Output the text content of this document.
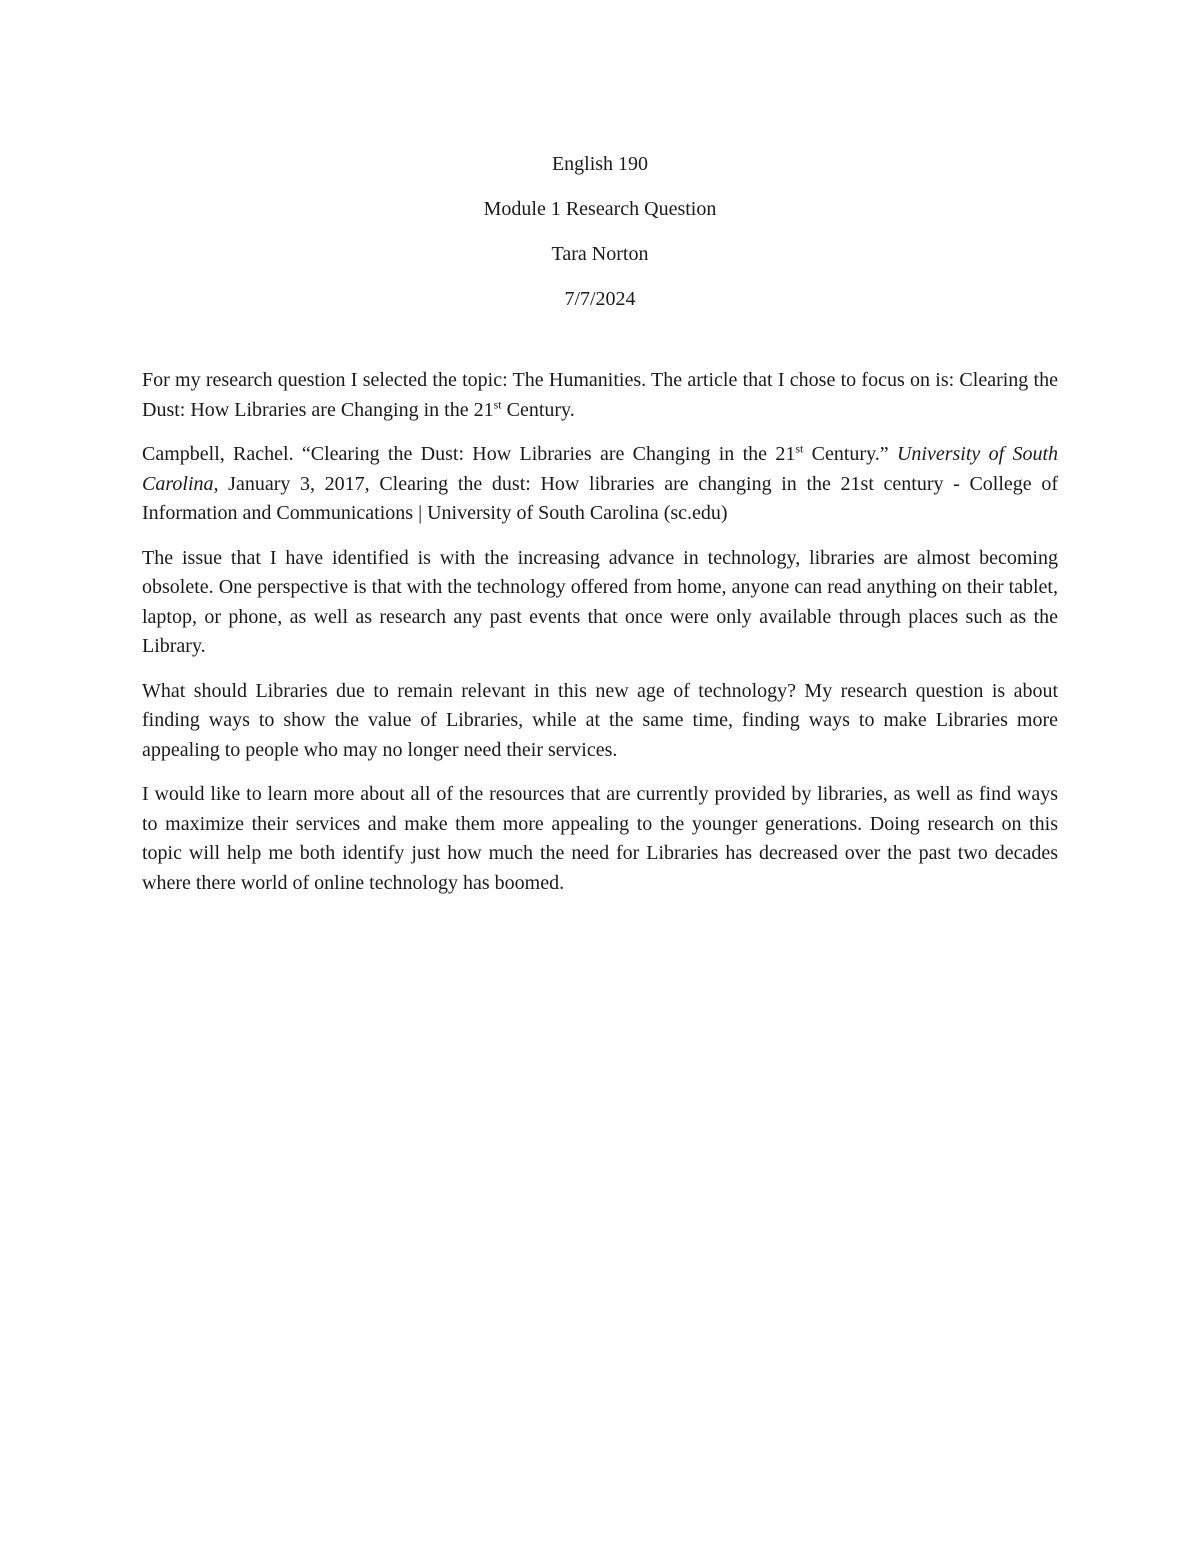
English 190
Module 1 Research Question
Tara Norton
7/7/2024

For my research question I selected the topic: The Humanities. The article that I chose to focus on is: Clearing the Dust: How Libraries are Changing in the 21st Century.

Campbell, Rachel. “Clearing the Dust: How Libraries are Changing in the 21st Century.” University of South Carolina, January 3, 2017, Clearing the dust: How libraries are changing in the 21st century - College of Information and Communications | University of South Carolina (sc.edu)

The issue that I have identified is with the increasing advance in technology, libraries are almost becoming obsolete. One perspective is that with the technology offered from home, anyone can read anything on their tablet, laptop, or phone, as well as research any past events that once were only available through places such as the Library.

What should Libraries due to remain relevant in this new age of technology? My research question is about finding ways to show the value of Libraries, while at the same time, finding ways to make Libraries more appealing to people who may no longer need their services.

I would like to learn more about all of the resources that are currently provided by libraries, as well as find ways to maximize their services and make them more appealing to the younger generations. Doing research on this topic will help me both identify just how much the need for Libraries has decreased over the past two decades where there world of online technology has boomed.
